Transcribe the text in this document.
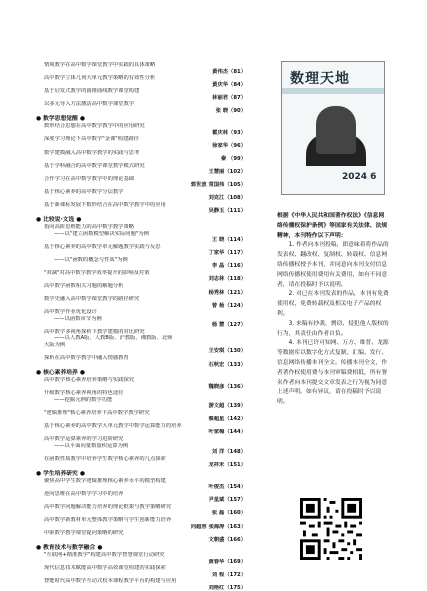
情境教学在高中数学课堂教学中实践的具体策略
黄伟杰（81）
高中数学立体几何大单元教学策略的有效性分析
黄庆华（84）
基于启发式教学的圆锥曲线数学课堂构建
林丽君（87）
以多元导入方法激活高中数学课堂教学
张 晓（90）
● 数学思想觉醒 ●
数形结合思想在高中数学教学中的应用研究
霍庆林（93）
深度学习理论下高中数学"金课"构建路径
徐家华（96）
数学建模融入高中数学教学的实践与思考
秦 （99）
基于学科融合的高中数学课堂教学模式研究
王慧丽（102）
合作学习在高中数学教学中的理论基础
郭世波 常国伟（105）
基于核心素养的高中数学分层教学
刘克江（108）
基于新课标发展下数形结合在高中数学教学中的应用
吴静玉（111）
● 比较说·文选 ●
指向高阶思维能力的高中数学教学策略
——以"建立函数模型解决实际问题"为例
王 晓（114）
基于核心素养的高中数学单元解题教学实践与反思
丁家华（117）
——以"函数的概念与性质"为例
李 晶（116）
"双减"对高中数学教学效率提升的影响及对策
刘志林（118）
高中数学函数相关习题的解题分析
杨秀林（121）
数学史融入高中数学课堂教学的路径研究
曾 杨（124）
高中数学作业优化设计
——以函数章节为例
杨 慧（127）
高中数学多视角探析下教学建模的对比研究
——以人教A版、人教B版、沪教版、湘教版、北师
大版为例
王安琪（130）
探析在高中数学教学中融入情感教育
石秋宏（133）
● 核心素养培养 ●
高中数学核心素养培养策略与实践探究
魏晓彦（136）
升级数学核心素养视角的特色途径
——挖掘元例的数学功能
游文超（139）
"逻辑推理"核心素养培养下高中数学教学研究
蔡超星（142）
基于核心素养的高中数学大单元教学中数学运算能力的培养
叶家梅（144）
高中数学运算素养的学习进阶研究
——以平面向量数量积运算为例
刘 洋（148）
在函数性质教学中培养学生数学核心素养的几点探索
龙祥未（151）
● 学生培养研究 ●
聚焦高中学生数学逻辑推理核心素养水平的模型构建
叶俊杰（154）
逆向思维在高中数学学习中的培养
尹星斌（157）
高中数学问题解决能力培养的理论框架与教学策略研究
张 磊（160）
高中数学新教材单元整体教学策略与学生创新能力培养
向超容 张海涛（163）
中职数学教学课堂提问策略的研究
文朝盛（166）
● 教育技术与数学融合 ●
"互联网+精准教学"构建高中数学智慧课堂行动研究
黄春华（169）
现代信息技术赋能高中数学高效课堂构建的实践探索
刘 程（172）
智能时代高中数学互动式校本课程教学平台的构建与应用
刘艳红（175）
数理天地
2024 6

根据《中华人民共和国著作权法》《信息网络传播权保护条例》等国家有关法律、法规精神，本刊特作以下声明：

1. 作者向本刊投稿，即意味着将作品的发表权、翻改权、复制权、转载权、信息网络传播权授予本刊，并同意向本刊支付信息网络传播权使用费用有关费用，如有不同意者，请在投稿时予以说明。

2. 对已在本刊发表的作品，本刊有免费使用权，免费转载权及相关电子产品的权利。

3. 来稿有抄袭，剽窃、侵犯他人版权的行为，其责任由作者自负。

4. 本刊已许可知网、万方、维普、龙源等数据库以数字化方式复制、汇编、发行、信息网络传播本刊全文。传播本刊全文，作者著作权使用费与本刊审稿费相抵，所有署名作者向本刊提交文章发表之行为视为同意上述声明。如有异议，请在投稿时予以说明。
